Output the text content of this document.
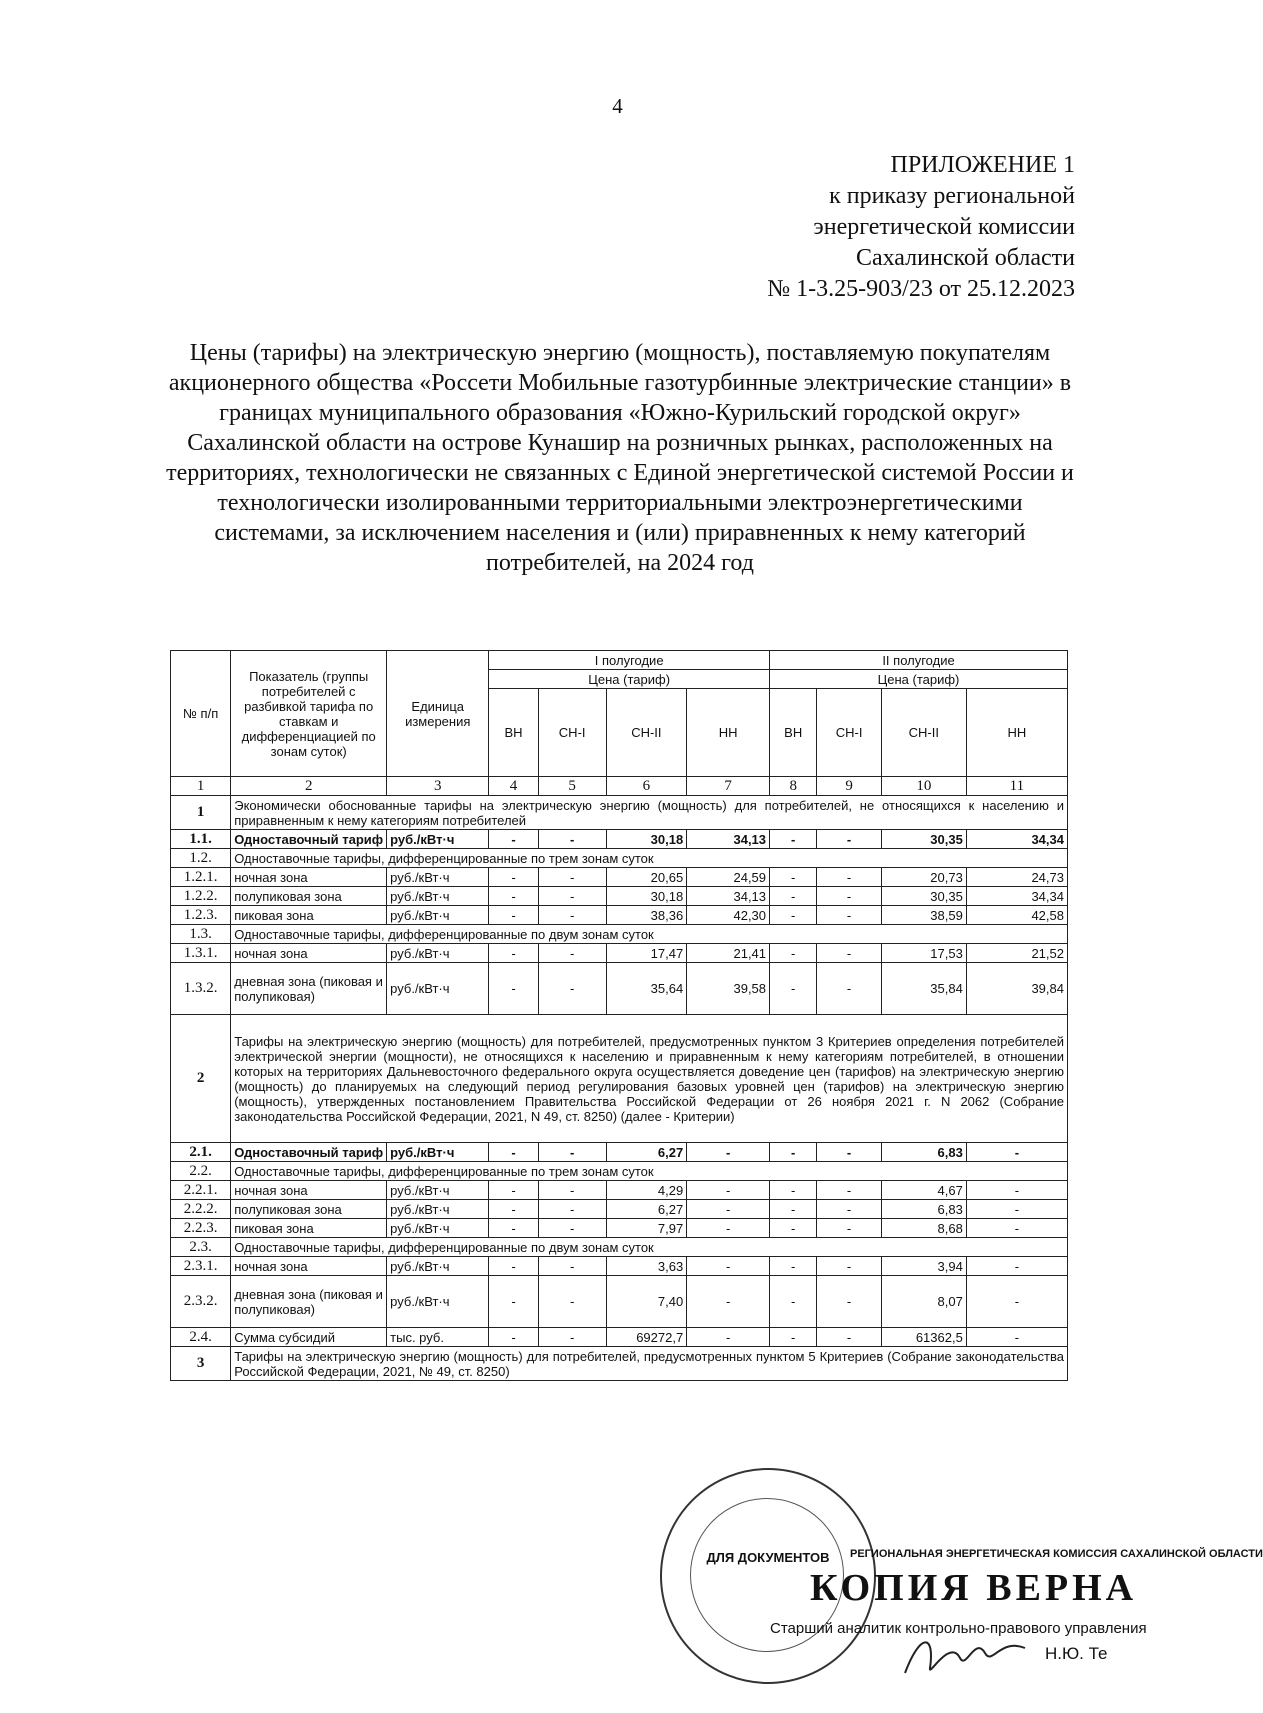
4
ПРИЛОЖЕНИЕ 1
к приказу региональной
энергетической комиссии
Сахалинской области
№ 1-3.25-903/23 от 25.12.2023
Цены (тарифы) на электрическую энергию (мощность), поставляемую покупателям акционерного общества «Россети Мобильные газотурбинные электрические станции» в границах муниципального образования «Южно-Курильский городской округ» Сахалинской области на острове Кунашир на розничных рынках, расположенных на территориях, технологически не связанных с Единой энергетической системой России и технологически изолированными территориальными электроэнергетическими системами, за исключением населения и (или) приравненных к нему категорий потребителей, на 2024 год
№ п/п	Показатель (группы потребителей с разбивкой тарифа по ставкам и дифференциацией по зонам суток)	Единица измерения	I полугодие				II полугодие			
			Цена (тариф)				Цена (тариф)			
			ВН	СН-I	СН-II	НН	ВН	СН-I	СН-II	НН
1	2	3	4	5	6	7	8	9	10	11
1	Экономически обоснованные тарифы на электрическую энергию (мощность) для потребителей, не относящихся к населению и приравненным к нему категориям потребителей									
1.1.	Одноставочный тариф	руб./кВт·ч	-	-	30,18	34,13	-	-	30,35	34,34
1.2.	Одноставочные тарифы, дифференцированные по трем зонам суток									
1.2.1.	ночная зона	руб./кВт·ч	-	-	20,65	24,59	-	-	20,73	24,73
1.2.2.	полупиковая зона	руб./кВт·ч	-	-	30,18	34,13	-	-	30,35	34,34
1.2.3.	пиковая зона	руб./кВт·ч	-	-	38,36	42,30	-	-	38,59	42,58
1.3.	Одноставочные тарифы, дифференцированные по двум зонам суток									
1.3.1.	ночная зона	руб./кВт·ч	-	-	17,47	21,41	-	-	17,53	21,52
1.3.2.	дневная зона (пиковая и полупиковая)	руб./кВт·ч	-	-	35,64	39,58	-	-	35,84	39,84
2	Тарифы на электрическую энергию (мощность) для потребителей, предусмотренных пунктом 3 Критериев определения потребителей электрической энергии (мощности), не относящихся к населению и приравненным к нему категориям потребителей, в отношении которых на территориях Дальневосточного федерального округа осуществляется доведение цен (тарифов) на электрическую энергию (мощность) до планируемых на следующий период регулирования базовых уровней цен (тарифов) на электрическую энергию (мощность), утвержденных постановлением Правительства Российской Федерации от 26 ноября 2021 г. N 2062 (Собрание законодательства Российской Федерации, 2021, N 49, ст. 8250) (далее - Критерии)									
2.1.	Одноставочный тариф	руб./кВт·ч	-	-	6,27	-	-	-	6,83	-
2.2.	Одноставочные тарифы, дифференцированные по трем зонам суток									
2.2.1.	ночная зона	руб./кВт·ч	-	-	4,29	-	-	-	4,67	-
2.2.2.	полупиковая зона	руб./кВт·ч	-	-	6,27	-	-	-	6,83	-
2.2.3.	пиковая зона	руб./кВт·ч	-	-	7,97	-	-	-	8,68	-
2.3.	Одноставочные тарифы, дифференцированные по двум зонам суток									
2.3.1.	ночная зона	руб./кВт·ч	-	-	3,63	-	-	-	3,94	-
2.3.2.	дневная зона (пиковая и полупиковая)	руб./кВт·ч	-	-	7,40	-	-	-	8,07	-
2.4.	Сумма субсидий	тыс. руб.	-	-	69272,7	-	-	-	61362,5	-
3	Тарифы на электрическую энергию (мощность) для потребителей, предусмотренных пунктом 5 Критериев (Собрание законодательства Российской Федерации, 2021, № 49, ст. 8250)									
ДЛЯ ДОКУМЕНТОВ	РЕГИОНАЛЬНАЯ ЭНЕРГЕТИЧЕСКАЯ КОМИССИЯ САХАЛИНСКОЙ ОБЛАСТИ
КОПИЯ ВЕРНА
Старший аналитик контрольно-правового управления
Н.Ю. Те
